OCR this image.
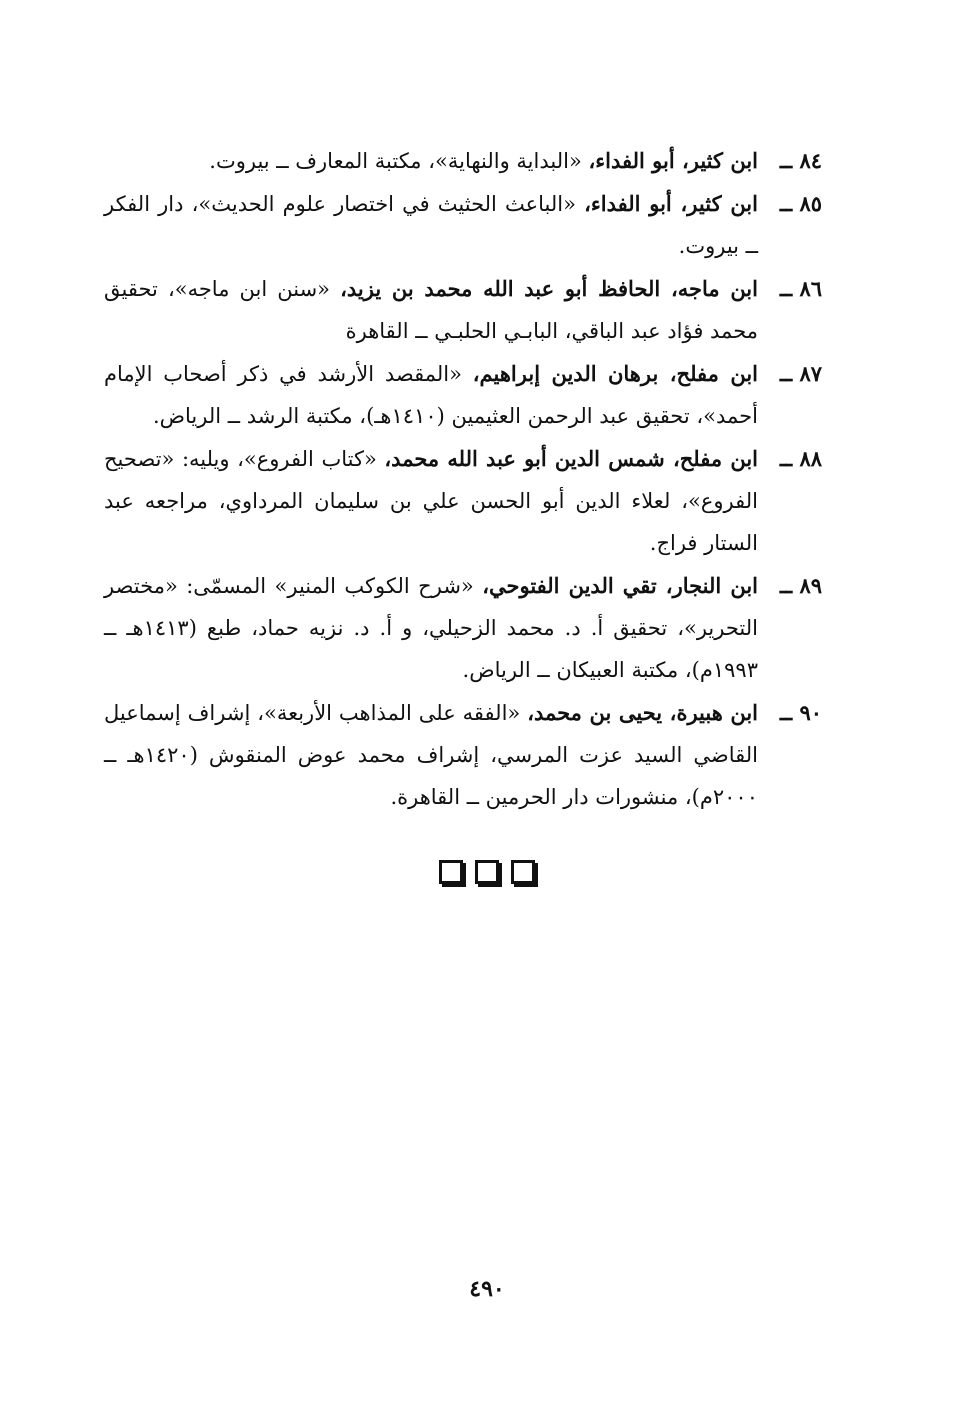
٨٤ ــ
ابن كثير، أبو الفداء، «البداية والنهاية»، مكتبة المعارف ــ بيروت.
٨٥ ــ
ابن كثير، أبو الفداء، «الباعث الحثيث في اختصار علوم الحديث»، دار الفكر ــ بيروت.
٨٦ ــ
ابن ماجه، الحافظ أبو عبد الله محمد بن يزيد، «سنن ابن ماجه»، تحقيق محمد فؤاد عبد الباقي، البابـي الحلبـي ــ القاهرة
٨٧ ــ
ابن مفلح، برهان الدين إبراهيم، «المقصد الأرشد في ذكر أصحاب الإمام أحمد»، تحقيق عبد الرحمن العثيمين (١٤١٠هـ)، مكتبة الرشد ــ الرياض.
٨٨ ــ
ابن مفلح، شمس الدين أبو عبد الله محمد، «كتاب الفروع»، ويليه: «تصحيح الفروع»، لعلاء الدين أبو الحسن علي بن سليمان المرداوي، مراجعه عبد الستار فراج.
٨٩ ــ
ابن النجار، تقي الدين الفتوحي، «شرح الكوكب المنير» المسمّى: «مختصر التحرير»، تحقيق أ. د. محمد الزحيلي، و أ. د. نزيه حماد، طبع (١٤١٣هـ ــ ١٩٩٣م)، مكتبة العبيكان ــ الرياض.
٩٠ ــ
ابن هبيرة، يحيى بن محمد، «الفقه على المذاهب الأربعة»، إشراف إسماعيل القاضي السيد عزت المرسي، إشراف محمد عوض المنقوش (١٤٢٠هـ ــ ٢٠٠٠م)، منشورات دار الحرمين ــ القاهرة.
٤٩٠
